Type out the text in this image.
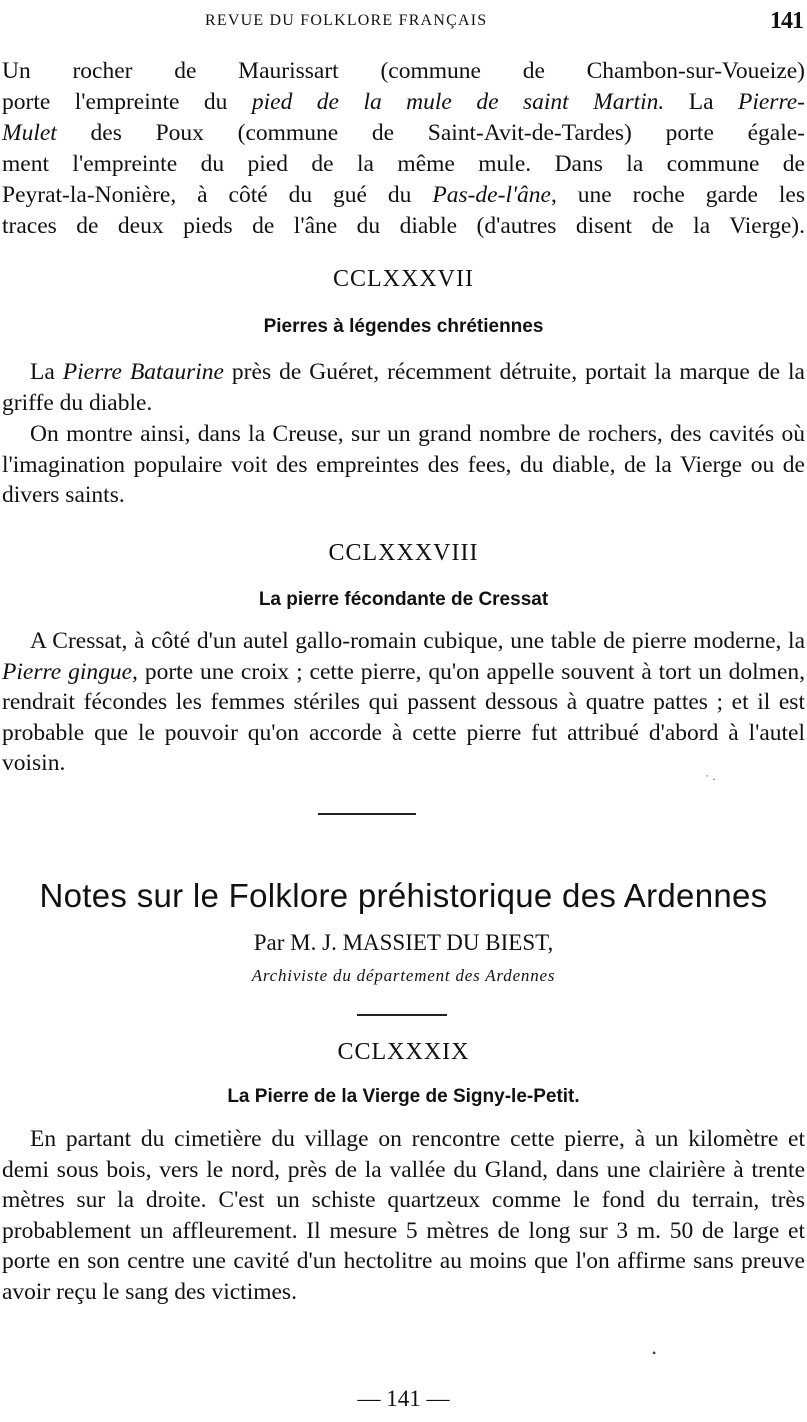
REVUE DU FOLKLORE FRANÇAIS	141
Un rocher de Maurissart (commune de Chambon-sur-Voueize)
porte l'empreinte du pied de la mule de saint Martin. La Pierre-
Mulet des Poux (commune de Saint-Avit-de-Tardes) porte égale-
ment l'empreinte du pied de la même mule. Dans la commune de
Peyrat-la-Nonière, à côté du gué du Pas-de-l'âne, une roche garde les
traces de deux pieds de l'âne du diable (d'autres disent de la Vierge).
CCLXXXVII
Pierres à légendes chrétiennes

La Pierre Bataurine près de Guéret, récemment détruite, portait la marque de la griffe du diable.

On montre ainsi, dans la Creuse, sur un grand nombre de rochers, des cavités où l'imagination populaire voit des empreintes des fees, du diable, de la Vierge ou de divers saints.

CCLXXXVIII
La pierre fécondante de Cressat

A Cressat, à côté d'un autel gallo-romain cubique, une table de pierre moderne, la Pierre gingue, porte une croix ; cette pierre, qu'on appelle souvent à tort un dolmen, rendrait fécondes les femmes stériles qui passent dessous à quatre pattes ; et il est probable que le pouvoir qu'on accorde à cette pierre fut attribué d'abord à l'autel voisin.

Notes sur le Folklore préhistorique des Ardennes
Par M. J. MASSIET DU BIEST,
Archiviste du département des Ardennes
CCLXXXIX
La Pierre de la Vierge de Signy-le-Petit.

En partant du cimetière du village on rencontre cette pierre, à un kilomètre et demi sous bois, vers le nord, près de la vallée du Gland, dans une clairière à trente mètres sur la droite. C'est un schiste quartzeux comme le fond du terrain, très probablement un affleurement. Il mesure 5 mètres de long sur 3 m. 50 de large et porte en son centre une cavité d'un hectolitre au moins que l'on affirme sans preuve avoir reçu le sang des victimes.

˙ ·
•
— 141 —
